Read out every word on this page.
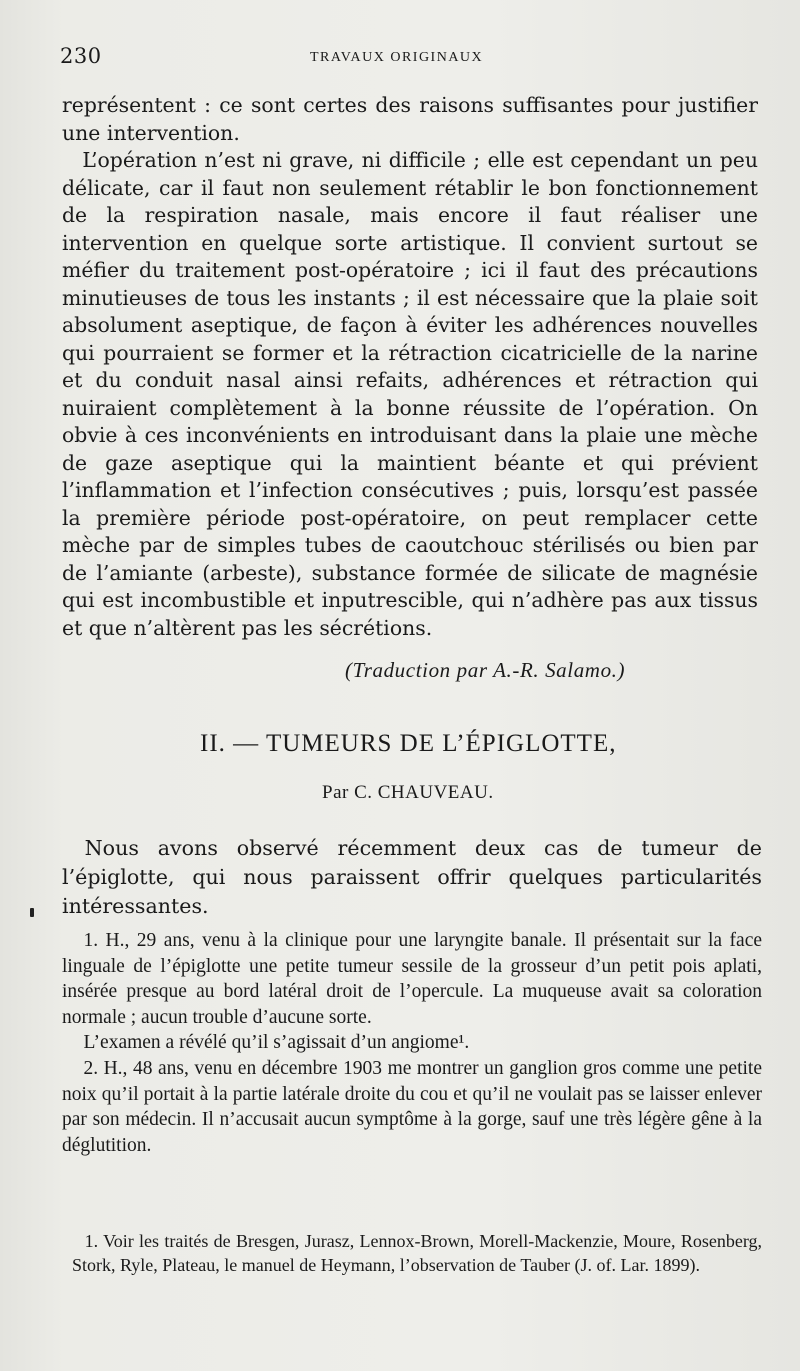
230	TRAVAUX ORIGINAUX

représentent : ce sont certes des raisons suffisantes pour justifier une intervention.

L’opération n’est ni grave, ni difficile ; elle est cependant un peu délicate, car il faut non seulement rétablir le bon fonctionnement de la respiration nasale, mais encore il faut réaliser une intervention en quelque sorte artistique. Il convient surtout se méfier du traitement post-opératoire ; ici il faut des précautions minutieuses de tous les instants ; il est nécessaire que la plaie soit absolument aseptique, de façon à éviter les adhérences nouvelles qui pourraient se former et la rétraction cicatricielle de la narine et du conduit nasal ainsi refaits, adhérences et rétraction qui nuiraient complètement à la bonne réussite de l’opération. On obvie à ces inconvénients en introduisant dans la plaie une mèche de gaze aseptique qui la maintient béante et qui prévient l’inflammation et l’infection consécutives ; puis, lorsqu’est passée la première période post-opératoire, on peut remplacer cette mèche par de simples tubes de caoutchouc stérilisés ou bien par de l’amiante (arbeste), substance formée de silicate de magnésie qui est incombustible et inputrescible, qui n’adhère pas aux tissus et que n’altèrent pas les sécrétions.

(Traduction par A.-R. Salamo.)
II. — TUMEURS DE L’ÉPIGLOTTE,
Par C. CHAUVEAU.

Nous avons observé récemment deux cas de tumeur de l’épiglotte, qui nous paraissent offrir quelques particularités intéressantes.

1. H., 29 ans, venu à la clinique pour une laryngite banale. Il présentait sur la face linguale de l’épiglotte une petite tumeur sessile de la grosseur d’un petit pois aplati, insérée presque au bord latéral droit de l’opercule. La muqueuse avait sa coloration normale ; aucun trouble d’aucune sorte.

L’examen a révélé qu’il s’agissait d’un angiome¹.

2. H., 48 ans, venu en décembre 1903 me montrer un ganglion gros comme une petite noix qu’il portait à la partie latérale droite du cou et qu’il ne voulait pas se laisser enlever par son médecin. Il n’accusait aucun symptôme à la gorge, sauf une très légère gêne à la déglutition.

1. Voir les traités de Bresgen, Jurasz, Lennox-Brown, Morell-Mackenzie, Moure, Rosenberg, Stork, Ryle, Plateau, le manuel de Heymann, l’observation de Tauber (J. of. Lar. 1899).
